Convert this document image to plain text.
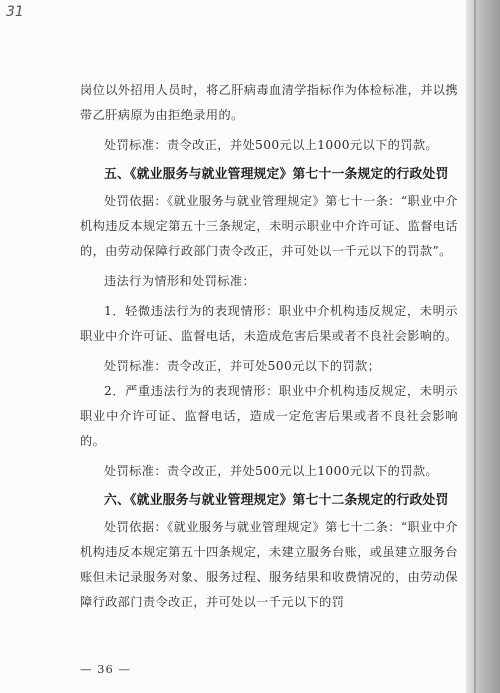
31

岗位以外招用人员时，将乙肝病毒血清学指标作为体检标准，并以携带乙肝病原为由拒绝录用的。

处罚标准：责令改正，并处500元以上1000元以下的罚款。

五、《就业服务与就业管理规定》第七十一条规定的行政处罚

处罚依据：《就业服务与就业管理规定》第七十一条：“职业中介机构违反本规定第五十三条规定，未明示职业中介许可证、监督电话的，由劳动保障行政部门责令改正，并可处以一千元以下的罚款”。

违法行为情形和处罚标准：

1．轻微违法行为的表现情形：职业中介机构违反规定，未明示职业中介许可证、监督电话，未造成危害后果或者不良社会影响的。

处罚标准：责令改正，并可处500元以下的罚款；

2．严重违法行为的表现情形：职业中介机构违反规定，未明示职业中介许可证、监督电话，造成一定危害后果或者不良社会影响的。

处罚标准：责令改正，并处500元以上1000元以下的罚款。

六、《就业服务与就业管理规定》第七十二条规定的行政处罚

处罚依据：《就业服务与就业管理规定》第七十二条：“职业中介机构违反本规定第五十四条规定，未建立服务台账，或虽建立服务台账但未记录服务对象、服务过程、服务结果和收费情况的，由劳动保障行政部门责令改正，并可处以一千元以下的罚

— 36 —
